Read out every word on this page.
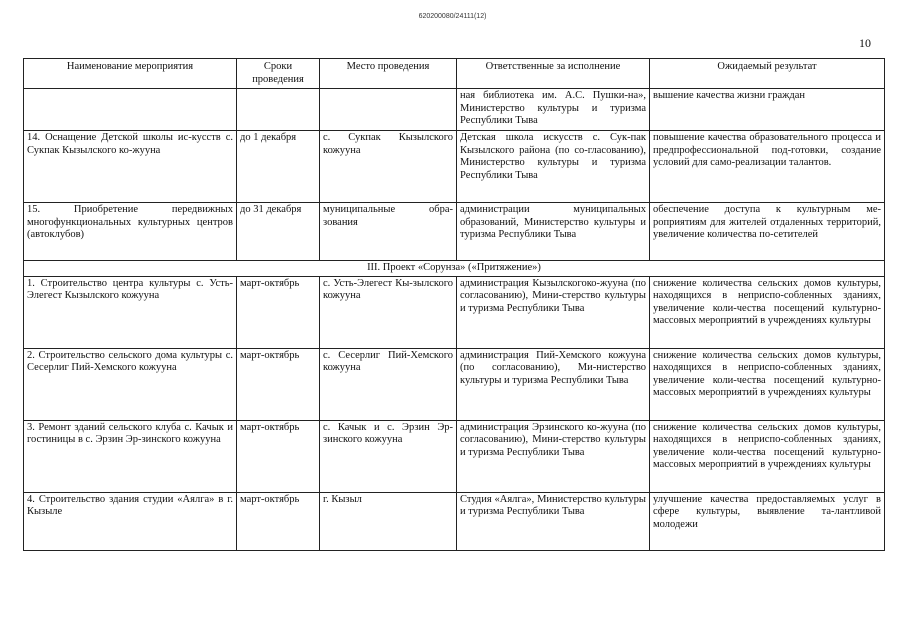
620200080/24111(12)
10
Наименование мероприятия	Сроки проведения	Место проведения	Ответственные за исполнение	Ожидаемый результат
			ная библиотека им. А.С. Пушки-на», Министерство культуры и туризма Республики Тыва	вышение качества жизни граждан
14. Оснащение Детской школы ис-кусств с. Сукпак Кызылского ко-жууна	до 1 декабря	с. Сукпак Кызылского кожууна	Детская школа искусств с. Сук-пак Кызылского района (по со-гласованию), Министерство культуры и туризма Республики Тыва	повышение качества образовательного процесса и предпрофессиональной под-готовки, создание условий для само-реализации талантов.
15. Приобретение передвижных многофункциональных культурных центров (автоклубов)	до 31 декабря	муниципальные обра-зования	администрации муниципальных образований, Министерство культуры и туризма Республики Тыва	обеспечение доступа к культурным ме-роприятиям для жителей отдаленных территорий, увеличение количества по-сетителей
III. Проект «Сорунза» («Притяжение»)				
1. Строительство центра культуры с. Усть-Элегест Кызылского кожууна	март-октябрь	с. Усть-Элегест Кы-зылского кожууна	администрация Кызылскогоко-жууна (по согласованию), Мини-стерство культуры и туризма Республики Тыва	снижение количества сельских домов культуры, находящихся в неприспо-собленных зданиях, увеличение коли-чества посещений культурно-массовых мероприятий в учреждениях культуры
2. Строительство сельского дома культуры с. Сесерлиг Пий-Хемского кожууна	март-октябрь	с. Сесерлиг Пий-Хемского кожууна	администрация Пий-Хемского кожууна (по согласованию), Ми-нистерство культуры и туризма Республики Тыва	снижение количества сельских домов культуры, находящихся в неприспо-собленных зданиях, увеличение коли-чества посещений культурно-массовых мероприятий в учреждениях культуры
3. Ремонт зданий сельского клуба с. Качык и гостиницы в с. Эрзин Эр-зинского кожууна	март-октябрь	с. Качык и с. Эрзин Эр-зинского кожууна	администрация Эрзинского ко-жууна (по согласованию), Мини-стерство культуры и туризма Республики Тыва	снижение количества сельских домов культуры, находящихся в неприспо-собленных зданиях, увеличение коли-чества посещений культурно-массовых мероприятий в учреждениях культуры
4. Строительство здания студии «Аялга» в г. Кызыле	март-октябрь	г. Кызыл	Студия «Аялга», Министерство культуры и туризма Республики Тыва	улучшение качества предоставляемых услуг в сфере культуры, выявление та-лантливой молодежи
